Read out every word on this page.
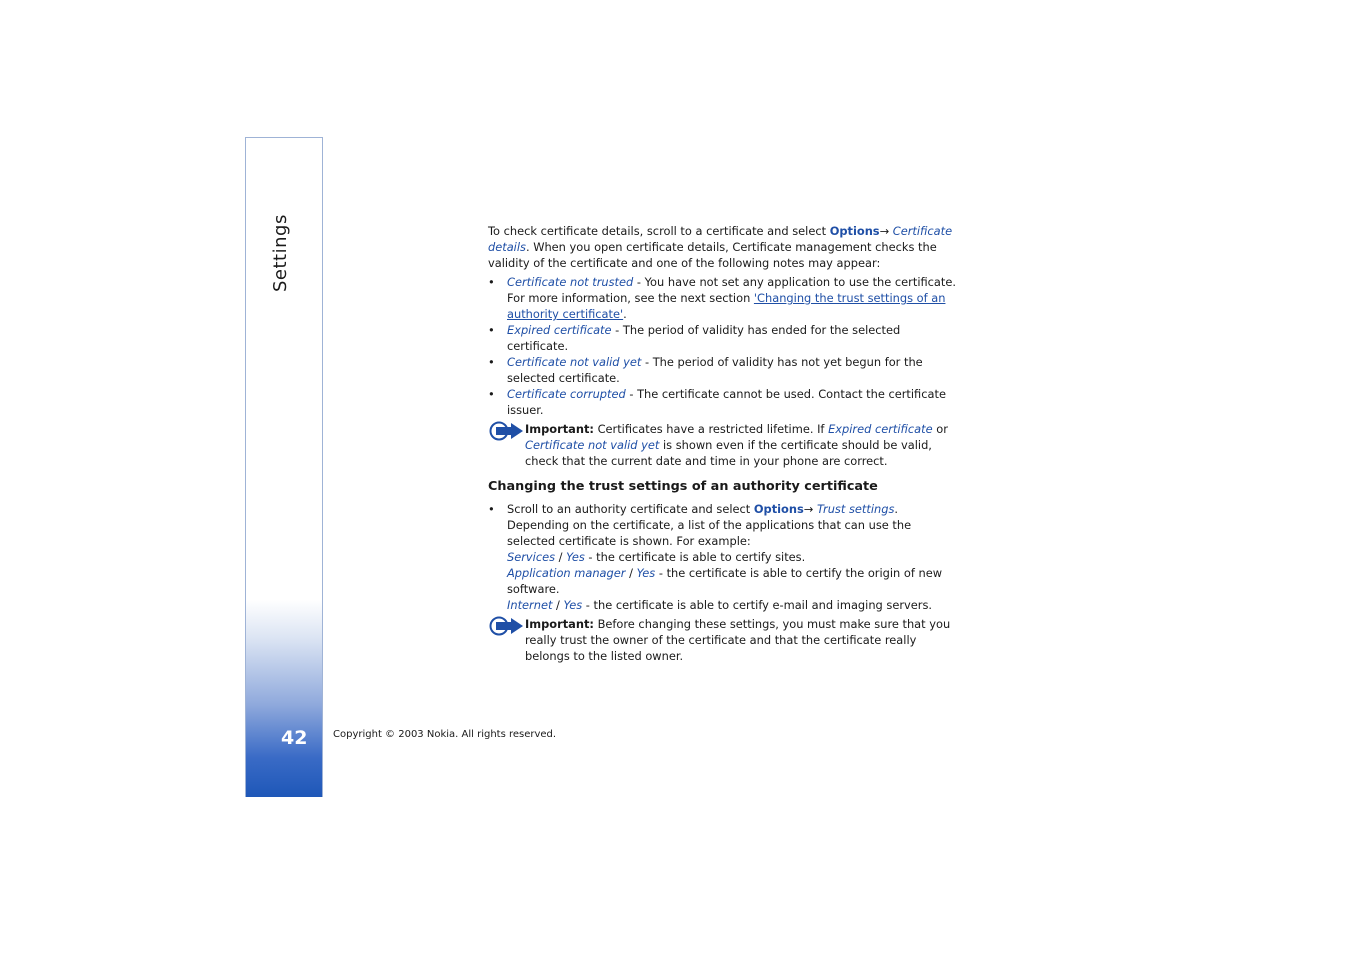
Settings
42	Copyright © 2003 Nokia. All rights reserved.

To check certificate details, scroll to a certificate and select Options→ Certificate details. When you open certificate details, Certificate management checks the validity of the certificate and one of the following notes may appear:

• Certificate not trusted - You have not set any application to use the certificate. For more information, see the next section 'Changing the trust settings of an authority certificate'.
• Expired certificate - The period of validity has ended for the selected certificate.
• Certificate not valid yet - The period of validity has not yet begun for the selected certificate.
• Certificate corrupted - The certificate cannot be used. Contact the certificate issuer.
Important: Certificates have a restricted lifetime. If Expired certificate or Certificate not valid yet is shown even if the certificate should be valid, check that the current date and time in your phone are correct.
Changing the trust settings of an authority certificate
• Scroll to an authority certificate and select Options→ Trust settings. Depending on the certificate, a list of the applications that can use the selected certificate is shown. For example:
Services / Yes - the certificate is able to certify sites.
Application manager / Yes - the certificate is able to certify the origin of new software.
Internet / Yes - the certificate is able to certify e-mail and imaging servers.
Important: Before changing these settings, you must make sure that you really trust the owner of the certificate and that the certificate really belongs to the listed owner.
